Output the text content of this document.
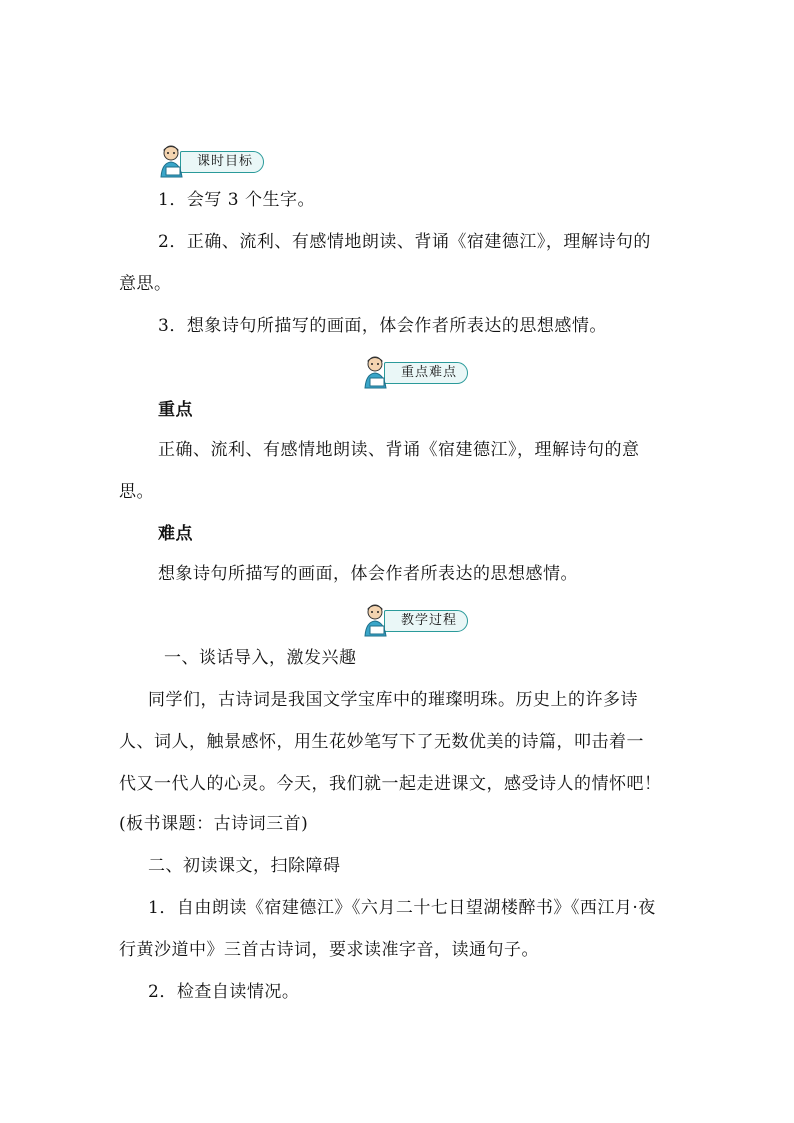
课时目标
1．会写 3 个生字。
2．正确、流利、有感情地朗读、背诵《宿建德江》，理解诗句的
意思。
3．想象诗句所描写的画面，体会作者所表达的思想感情。
重点难点
重点
正确、流利、有感情地朗读、背诵《宿建德江》，理解诗句的意
思。
难点
想象诗句所描写的画面，体会作者所表达的思想感情。
教学过程
一、谈话导入，激发兴趣
同学们，古诗词是我国文学宝库中的璀璨明珠。历史上的许多诗
人、词人，触景感怀，用生花妙笔写下了无数优美的诗篇，叩击着一
代又一代人的心灵。今天，我们就一起走进课文，感受诗人的情怀吧！
(板书课题：古诗词三首)
二、初读课文，扫除障碍
1．自由朗读《宿建德江》《六月二十七日望湖楼醉书》《西江月·夜
行黄沙道中》三首古诗词，要求读准字音，读通句子。
2．检查自读情况。
